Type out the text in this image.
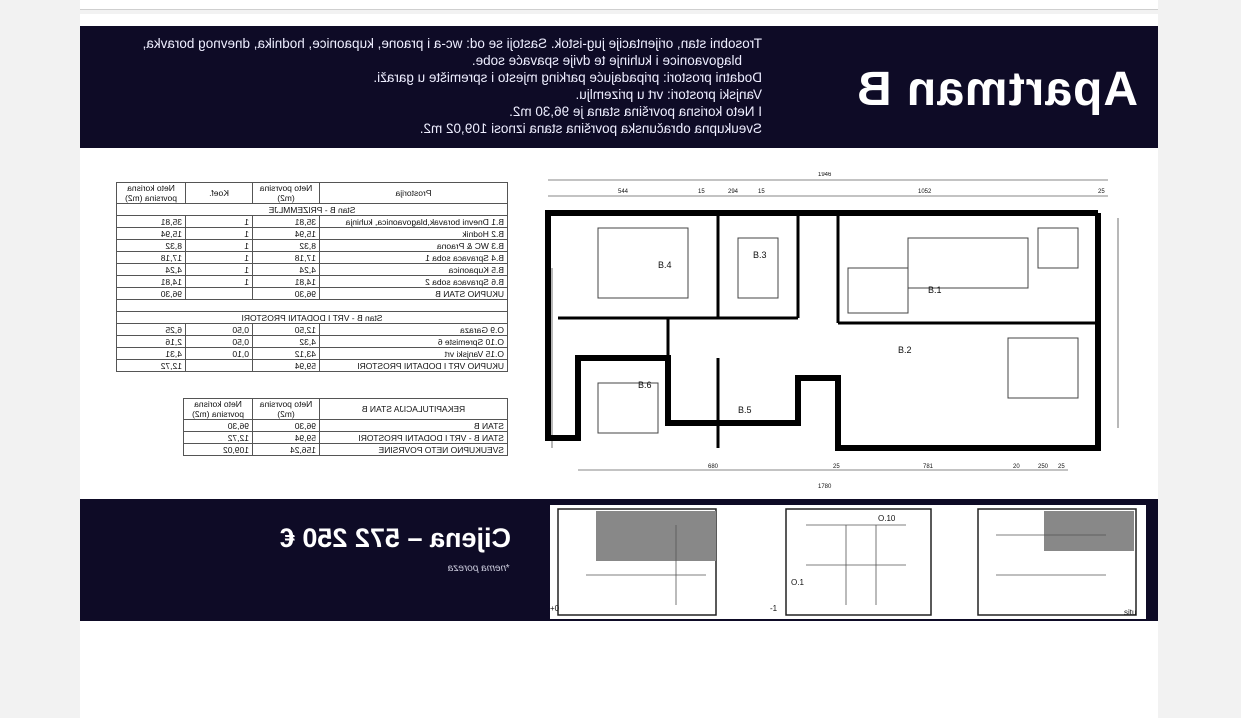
Apartman B
Trosobni stan, orijentacije jug-istok. Sastoji se od: wc-a i praone, kupaonice, hodnika, dnevnog boravka,
blagovaonice i kuhinje te dvije spavaće sobe.
Dodatni prostori: pripadajuće parking mjesto i spremište u garaži.
Vanjski prostori: vrt u prizemlju.
I Neto korisna površina stana je 96,30 m2.
Sveukupna obračunska površina stana iznosi 109,02 m2.
B.4
B.3
B.1
B.2
B.6
B.5
1946
25
1052
15
294
15
544
25
250
20
781
25
680
1780
Prostorija	Neto povrsina (m2)	Koef.	Neto korisna povrsina (m2)
Stan B - PRIZEMMLJE			
B.1 Dnevni boravak,blagovaonica, kuhinja	35,81	1	35,81
B.2 Hodnik	15,94	1	15,94
B.3 WC & Praona	8,32	1	8,32
B.4 Spravaca soba 1	17,18	1	17,18
B.5 Kupaonica	4,24	1	4,24
B.6 Spravaca soba 2	14,81	1	14,81
UKUPNO STAN B	96,30		96,30

Stan B - VRT I DODATNI PROSTORI			
O.9 Garaza	12,50	0,50	6,25
O.10 Spremiste 6	4,32	0,50	2,16
O.15 Vanjski vrt	43,12	0,10	4,31
UKUPNO VRT I DODATNI PROSTORI	59,94		12,72
REKAPITULACIJA STAN B	Neto povrsina (m2)	Neto korisna povrsina (m2)
STAN B	96,30	96,30
STAN B - VRT I DODATNI PROSTORI	59,94	12,72
SVEUKUPNO NETO POVRSINE	156,24	109,02
Cijena – 572 250 €
*nema poreza
+0	-1	situ
O.10
O.1
